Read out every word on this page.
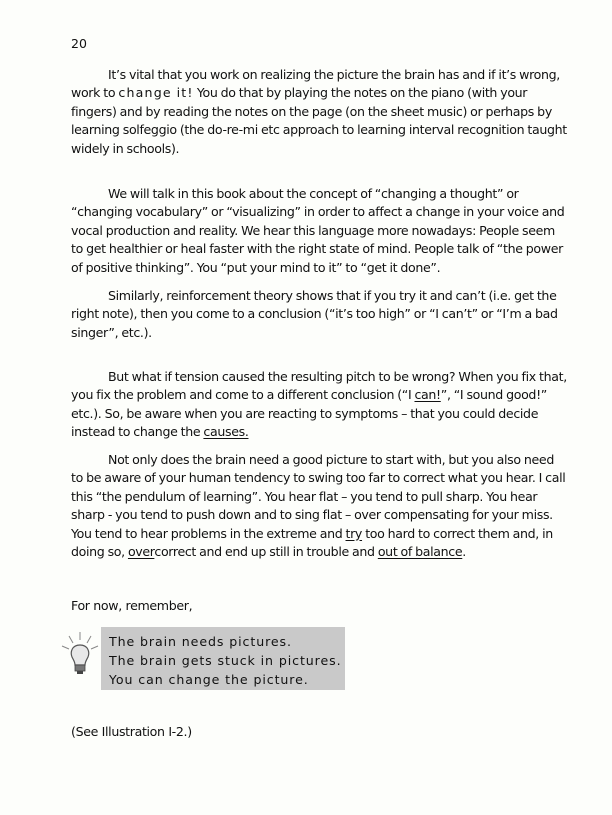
20

It’s vital that you work on realizing the picture the brain has and if it’s wrong, work to change it! You do that by playing the notes on the piano (with your fingers) and by reading the notes on the page (on the sheet music) or perhaps by learning solfeggio (the do-re-mi etc approach to learning interval recognition taught widely in schools).

We will talk in this book about the concept of “changing a thought” or “changing vocabulary” or “visualizing” in order to affect a change in your voice and vocal production and reality. We hear this language more nowadays: People seem to get healthier or heal faster with the right state of mind. People talk of “the power of positive thinking”. You “put your mind to it” to “get it done”.

Similarly, reinforcement theory shows that if you try it and can’t (i.e. get the right note), then you come to a conclusion (“it’s too high” or “I can’t” or “I’m a bad singer”, etc.).

But what if tension caused the resulting pitch to be wrong? When you fix that, you fix the problem and come to a different conclusion (“I can!”, “I sound good!” etc.). So, be aware when you are reacting to symptoms – that you could decide instead to change the causes.

Not only does the brain need a good picture to start with, but you also need to be aware of your human tendency to swing too far to correct what you hear. I call this “the pendulum of learning”. You hear flat – you tend to pull sharp. You hear sharp - you tend to push down and to sing flat – over compensating for your miss. You tend to hear problems in the extreme and try too hard to correct them and, in doing so, overcorrect and end up still in trouble and out of balance.

For now, remember,
The brain needs pictures.
The brain gets stuck in pictures.
You can change the picture.
(See Illustration I-2.)
